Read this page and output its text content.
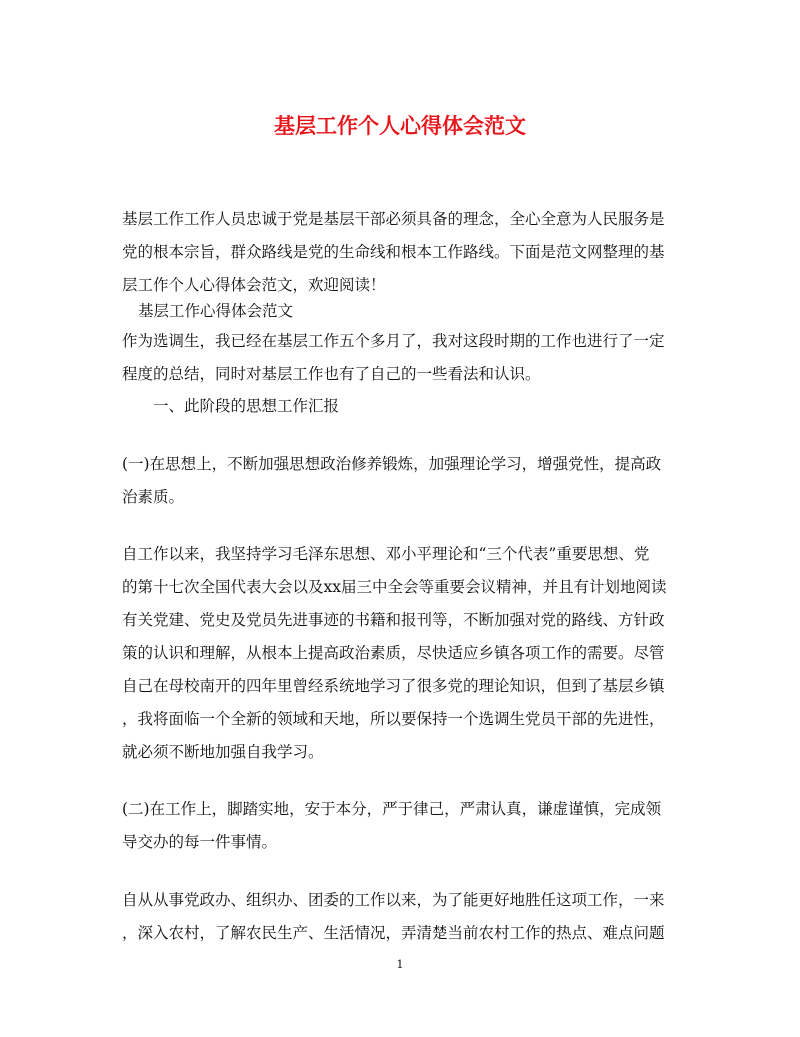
基层工作个人心得体会范文
基层工作工作人员忠诚于党是基层干部必须具备的理念，全心全意为人民服务是
党的根本宗旨，群众路线是党的生命线和根本工作路线。下面是范文网整理的基
层工作个人心得体会范文，欢迎阅读！
基层工作心得体会范文
作为选调生，我已经在基层工作五个多月了，我对这段时期的工作也进行了一定
程度的总结，同时对基层工作也有了自己的一些看法和认识。
一、此阶段的思想工作汇报
(一)在思想上，不断加强思想政治修养锻炼，加强理论学习，增强党性，提高政
治素质。
自工作以来，我坚持学习毛泽东思想、邓小平理论和“三个代表”重要思想、党
的第十七次全国代表大会以及xx届三中全会等重要会议精神，并且有计划地阅读
有关党建、党史及党员先进事迹的书籍和报刊等，不断加强对党的路线、方针政
策的认识和理解，从根本上提高政治素质，尽快适应乡镇各项工作的需要。尽管
自己在母校南开的四年里曾经系统地学习了很多党的理论知识，但到了基层乡镇
，我将面临一个全新的领域和天地，所以要保持一个选调生党员干部的先进性，
就必须不断地加强自我学习。
(二)在工作上，脚踏实地，安于本分，严于律己，严肃认真，谦虚谨慎，完成领
导交办的每一件事情。
自从从事党政办、组织办、团委的工作以来，为了能更好地胜任这项工作，一来
，深入农村，了解农民生产、生活情况，弄清楚当前农村工作的热点、难点问题
1
